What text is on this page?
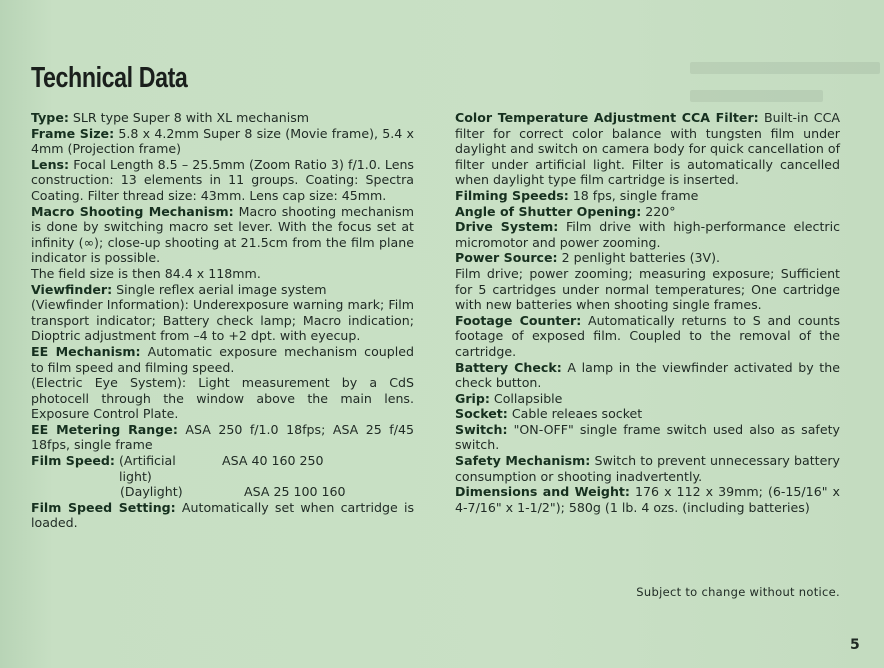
Technical Data

Type: SLR type Super 8 with XL mechanism

Frame Size: 5.8 x 4.2mm Super 8 size (Movie frame), 5.4 x 4mm (Projection frame)

Lens: Focal Length 8.5 – 25.5mm (Zoom Ratio 3) f/1.0. Lens construction: 13 elements in 11 groups. Coating: Spectra Coating. Filter thread size: 43mm. Lens cap size: 45mm.

Macro Shooting Mechanism: Macro shooting mechanism is done by switching macro set lever. With the focus set at infinity (∞); close-up shooting at 21.5cm from the film plane indicator is possible.

The field size is then 84.4 x 118mm.

Viewfinder: Single reflex aerial image system

(Viewfinder Information): Underexposure warning mark; Film transport indicator; Battery check lamp; Macro indication; Dioptric adjustment from –4 to +2 dpt. with eyecup.

EE Mechanism: Automatic exposure mechanism coupled to film speed and filming speed.

(Electric Eye System): Light measurement by a CdS photocell through the window above the main lens. Exposure Control Plate.

EE Metering Range: ASA 250 f/1.0 18fps; ASA 25 f/45 18fps, single frame

Film Speed:
(Artificial light)

ASA 40 160 250
(Daylight)	ASA 25 100 160

Film Speed Setting: Automatically set when cartridge is loaded.

Color Temperature Adjustment CCA Filter: Built-in CCA filter for correct color balance with tungsten film under daylight and switch on camera body for quick cancellation of filter under artificial light. Filter is automatically cancelled when daylight type film cartridge is inserted.

Filming Speeds: 18 fps, single frame

Angle of Shutter Opening: 220°

Drive System: Film drive with high-performance electric micromotor and power zooming.

Power Source: 2 penlight batteries (3V).

Film drive; power zooming; measuring exposure; Sufficient for 5 cartridges under normal temperatures; One cartridge with new batteries when shooting single frames.

Footage Counter: Automatically returns to S and counts footage of exposed film. Coupled to the removal of the cartridge.

Battery Check: A lamp in the viewfinder activated by the check button.

Grip: Collapsible

Socket: Cable releaes socket

Switch: "ON-OFF" single frame switch used also as safety switch.

Safety Mechanism: Switch to prevent unnecessary battery consumption or shooting inadvertently.

Dimensions and Weight: 176 x 112 x 39mm; (6-15/16" x 4-7/16" x 1-1/2"); 580g (1 lb. 4 ozs. (including batteries)

Subject to change without notice.
5
